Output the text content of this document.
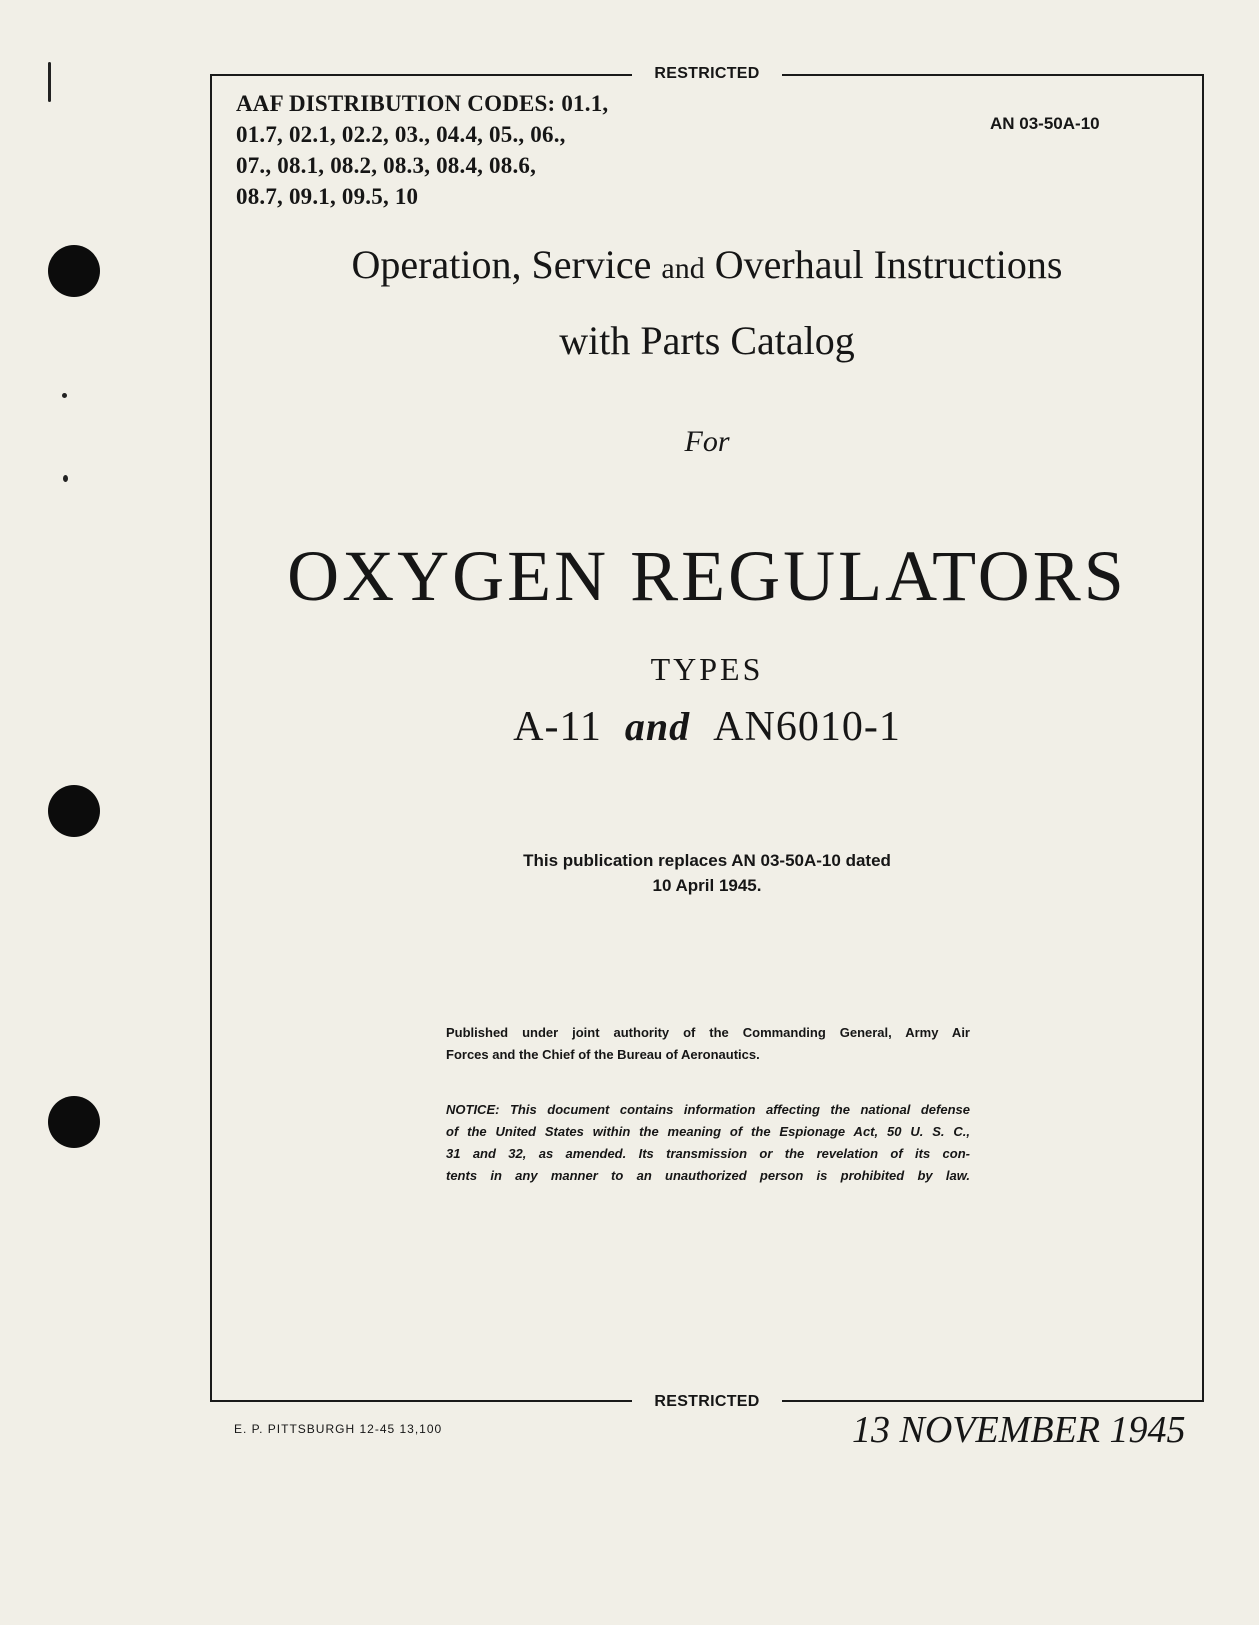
RESTRICTED
RESTRICTED
AAF DISTRIBUTION CODES: 01.1,
01.7, 02.1, 02.2, 03., 04.4, 05., 06.,
07., 08.1, 08.2, 08.3, 08.4, 08.6,
08.7, 09.1, 09.5, 10
AN 03-50A-10
Operation, Service and Overhaul Instructions
with Parts Catalog
For
OXYGEN REGULATORS
TYPES
A-11 and AN6010-1
This publication replaces AN 03-50A-10 dated
10 April 1945.
Published under joint authority of the Commanding General, Army Air
Forces and the Chief of the Bureau of Aeronautics.
NOTICE: This document contains information affecting the national defense
of the United States within the meaning of the Espionage Act, 50 U. S. C.,
31 and 32, as amended. Its transmission or the revelation of its con-
tents in any manner to an unauthorized person is prohibited by law.
E. P. PITTSBURGH 12-45 13,100	13 NOVEMBER 1945
